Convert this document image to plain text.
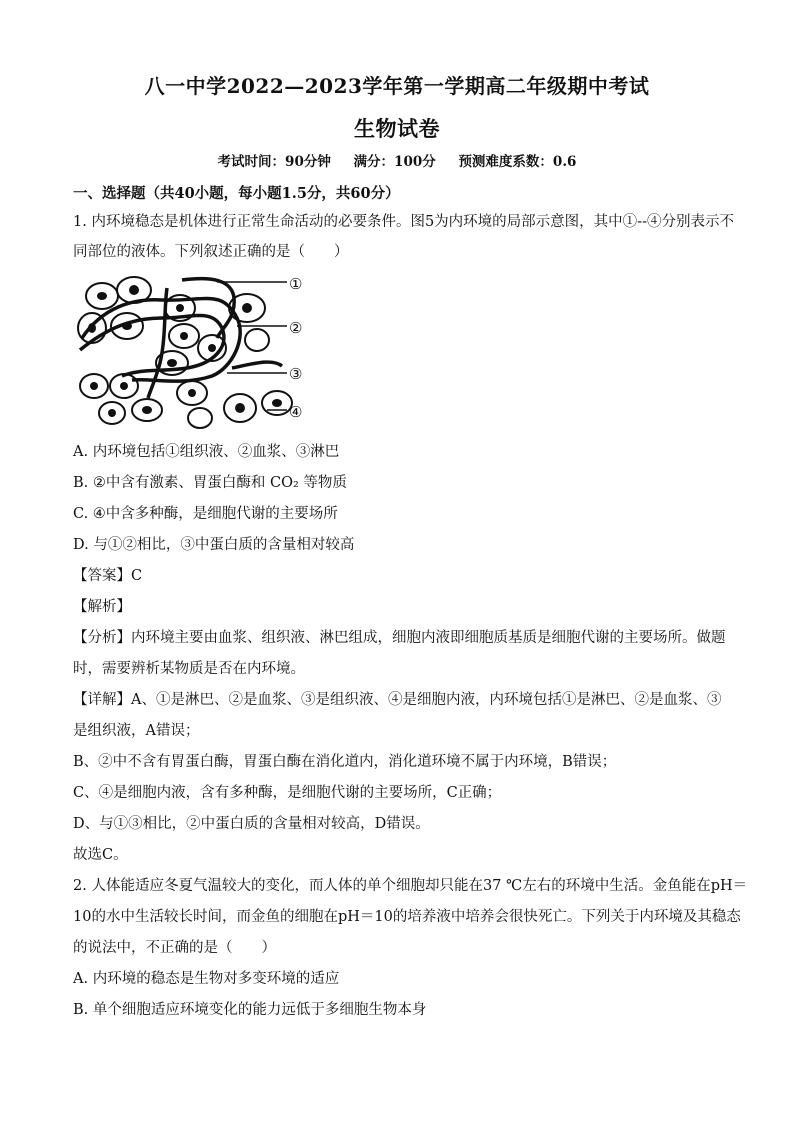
八一中学2022—2023学年第一学期高二年级期中考试
生物试卷
考试时间：90分钟 满分：100分 预测难度系数：0.6
一、选择题（共40小题，每小题1.5分，共60分）
1. 内环境稳态是机体进行正常生命活动的必要条件。图5为内环境的局部示意图，其中①--④分别表示不
同部位的液体。下列叙述正确的是（　　）
①
②
③
④
A. 内环境包括①组织液、②血浆、③淋巴
B. ②中含有激素、胃蛋白酶和 CO₂ 等物质
C. ④中含多种酶，是细胞代谢的主要场所
D. 与①②相比，③中蛋白质的含量相对较高
【答案】C
【解析】
【分析】内环境主要由血浆、组织液、淋巴组成，细胞内液即细胞质基质是细胞代谢的主要场所。做题
时，需要辨析某物质是否在内环境。
【详解】A、①是淋巴、②是血浆、③是组织液、④是细胞内液，内环境包括①是淋巴、②是血浆、③
是组织液，A错误；
B、②中不含有胃蛋白酶，胃蛋白酶在消化道内，消化道环境不属于内环境，B错误；
C、④是细胞内液，含有多种酶，是细胞代谢的主要场所，C正确；
D、与①③相比，②中蛋白质的含量相对较高，D错误。
故选C。
2. 人体能适应冬夏气温较大的变化，而人体的单个细胞却只能在37 ℃左右的环境中生活。金鱼能在pH＝
10的水中生活较长时间，而金鱼的细胞在pH＝10的培养液中培养会很快死亡。下列关于内环境及其稳态
的说法中，不正确的是（　　）
A. 内环境的稳态是生物对多变环境的适应
B. 单个细胞适应环境变化的能力远低于多细胞生物本身
